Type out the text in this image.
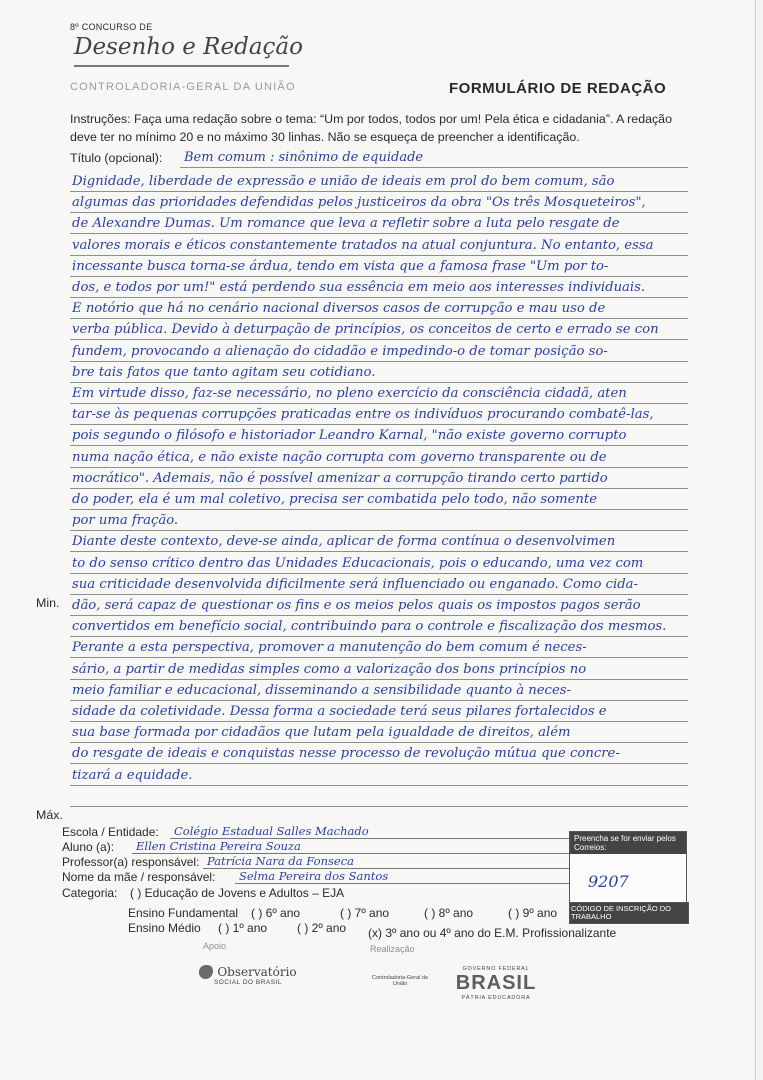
8º CONCURSO DE
Desenho e Redação
CONTROLADORIA-GERAL DA UNIÃO	FORMULÁRIO DE REDAÇÃO
Instruções: Faça uma redação sobre o tema: “Um por todos, todos por um! Pela ética e cidadania”. A redação deve ter no mínimo 20 e no máximo 30 linhas. Não se esqueça de preencher a identificação.
Título (opcional): Bem comum : sinônimo de equidade
Dignidade, liberdade de expressão e união de ideais em prol do bem comum, são
algumas das prioridades defendidas pelos justiceiros da obra "Os três Mosqueteiros",
de Alexandre Dumas. Um romance que leva a refletir sobre a luta pelo resgate de
valores morais e éticos constantemente tratados na atual conjuntura. No entanto, essa
incessante busca torna-se árdua, tendo em vista que a famosa frase "Um por to-
dos, e todos por um!" está perdendo sua essência em meio aos interesses individuais.
É notório que há no cenário nacional diversos casos de corrupção e mau uso de
verba pública. Devido à deturpação de princípios, os conceitos de certo e errado se con
fundem, provocando a alienação do cidadão e impedindo-o de tomar posição so-
bre tais fatos que tanto agitam seu cotidiano.
Em virtude disso, faz-se necessário, no pleno exercício da consciência cidadã, aten
tar-se às pequenas corrupções praticadas entre os indivíduos procurando combatê-las,
pois segundo o filósofo e historiador Leandro Karnal, "não existe governo corrupto
numa nação ética, e não existe nação corrupta com governo transparente ou de
mocrático". Ademais, não é possível amenizar a corrupção tirando certo partido
do poder, ela é um mal coletivo, precisa ser combatida pelo todo, não somente
por uma fração.
Diante deste contexto, deve-se ainda, aplicar de forma contínua o desenvolvimen
to do senso crítico dentro das Unidades Educacionais, pois o educando, uma vez com
sua criticidade desenvolvida dificilmente será influenciado ou enganado. Como cida-
dão, será capaz de questionar os fins e os meios pelos quais os impostos pagos serão
convertidos em benefício social, contribuindo para o controle e fiscalização dos mesmos.
Perante a esta perspectiva, promover a manutenção do bem comum é neces-
sário, a partir de medidas simples como a valorização dos bons princípios no
meio familiar e educacional, disseminando a sensibilidade quanto à neces-
sidade da coletividade. Dessa forma a sociedade terá seus pilares fortalecidos e
sua base formada por cidadãos que lutam pela igualdade de direitos, além
do resgate de ideais e conquistas nesse processo de revolução mútua que concre-
tizará a equidade.
Min.
Máx.
Escola / Entidade:	Colégio Estadual Salles Machado
Aluno (a):	Ellen Cristina Pereira Souza
Professor(a) responsável: Patrícia Nara da Fonseca
Nome da mãe / responsável:	Selma Pereira dos Santos
Categoria: ( ) Educação de Jovens e Adultos – EJA
Ensino Fundamental ( ) 6º ano	( ) 7º ano	( ) 8º ano	( ) 9º ano
Ensino Médio ( ) 1º ano ( ) 2º ano (x) 3º ano ou 4º ano do E.M. Profissionalizante
Preencha se for enviar pelos Correios:
9207
CÓDIGO DE INSCRIÇÃO DO TRABALHO
Apoio	Realização
Observatório
SOCIAL DO BRASIL
Controladoria-Geral da União
GOVERNO FEDERAL
BRASIL
PÁTRIA EDUCADORA
